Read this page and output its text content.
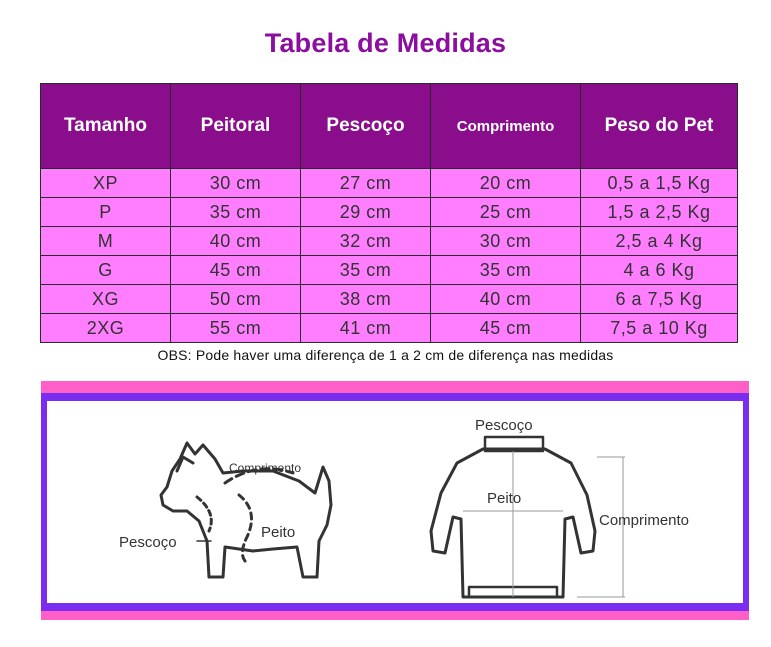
Tabela de Medidas
Tamanho	Peitoral	Pescoço	Comprimento	Peso do Pet
XP	30 cm	27 cm	20 cm	0,5 a 1,5 Kg
P	35 cm	29 cm	25 cm	1,5 a 2,5 Kg
M	40 cm	32 cm	30 cm	2,5 a 4 Kg
G	45 cm	35 cm	35 cm	4 a 6 Kg
XG	50 cm	38 cm	40 cm	6 a 7,5 Kg
2XG	55 cm	41 cm	45 cm	7,5 a 10 Kg
OBS: Pode haver uma diferença de 1 a 2 cm de diferença nas medidas
Comprimento
Pescoço
Peito
Pescoço
Peito
Comprimento
